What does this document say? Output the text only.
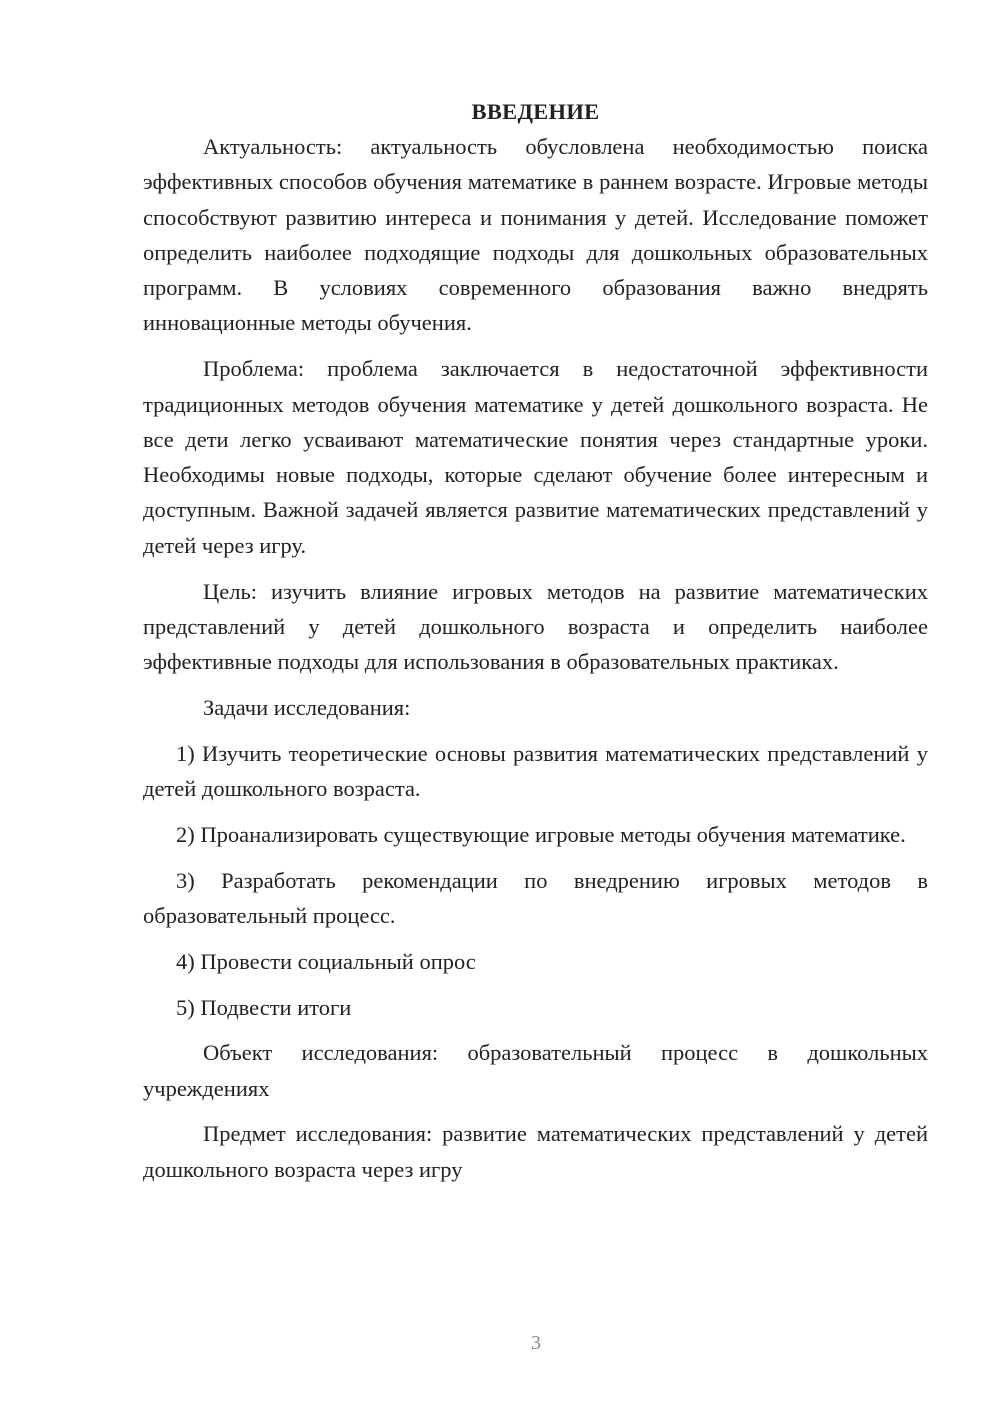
ВВЕДЕНИЕ

Актуальность: актуальность обусловлена необходимостью поиска эффективных способов обучения математике в раннем возрасте. Игровые методы способствуют развитию интереса и понимания у детей. Исследование поможет определить наиболее подходящие подходы для дошкольных образовательных программ. В условиях современного образования важно внедрять инновационные методы обучения.

Проблема: проблема заключается в недостаточной эффективности традиционных методов обучения математике у детей дошкольного возраста. Не все дети легко усваивают математические понятия через стандартные уроки. Необходимы новые подходы, которые сделают обучение более интересным и доступным. Важной задачей является развитие математических представлений у детей через игру.

Цель: изучить влияние игровых методов на развитие математических представлений у детей дошкольного возраста и определить наиболее эффективные подходы для использования в образовательных практиках.

Задачи исследования:

1) Изучить теоретические основы развития математических представлений у детей дошкольного возраста.

2) Проанализировать существующие игровые методы обучения математике.

3) Разработать рекомендации по внедрению игровых методов в образовательный процесс.

4) Провести социальный опрос

5) Подвести итоги

Объект исследования: образовательный процесс в дошкольных учреждениях

Предмет исследования: развитие математических представлений у детей дошкольного возраста через игру

3
